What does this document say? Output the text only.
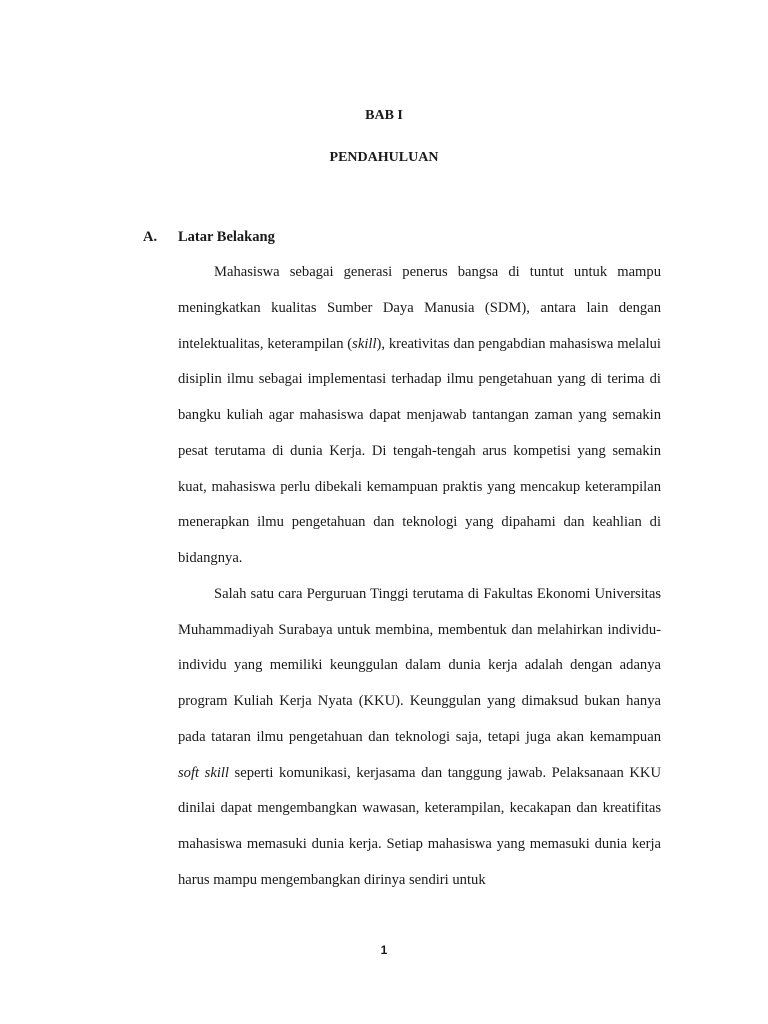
BAB I
PENDAHULUAN
A. Latar Belakang

Mahasiswa sebagai generasi penerus bangsa di tuntut untuk mampu meningkatkan kualitas Sumber Daya Manusia (SDM), antara lain dengan intelektualitas, keterampilan (skill), kreativitas dan pengabdian mahasiswa melalui disiplin ilmu sebagai implementasi terhadap ilmu pengetahuan yang di terima di bangku kuliah agar mahasiswa dapat menjawab tantangan zaman yang semakin pesat terutama di dunia Kerja. Di tengah-tengah arus kompetisi yang semakin kuat, mahasiswa perlu dibekali kemampuan praktis yang mencakup keterampilan menerapkan ilmu pengetahuan dan teknologi yang dipahami dan keahlian di bidangnya.

Salah satu cara Perguruan Tinggi terutama di Fakultas Ekonomi Universitas Muhammadiyah Surabaya untuk membina, membentuk dan melahirkan individu-individu yang memiliki keunggulan dalam dunia kerja adalah dengan adanya program Kuliah Kerja Nyata (KKU). Keunggulan yang dimaksud bukan hanya pada tataran ilmu pengetahuan dan teknologi saja, tetapi juga akan kemampuan soft skill seperti komunikasi, kerjasama dan tanggung jawab. Pelaksanaan KKU dinilai dapat mengembangkan wawasan, keterampilan, kecakapan dan kreatifitas mahasiswa memasuki dunia kerja. Setiap mahasiswa yang memasuki dunia kerja harus mampu mengembangkan dirinya sendiri untuk

1
